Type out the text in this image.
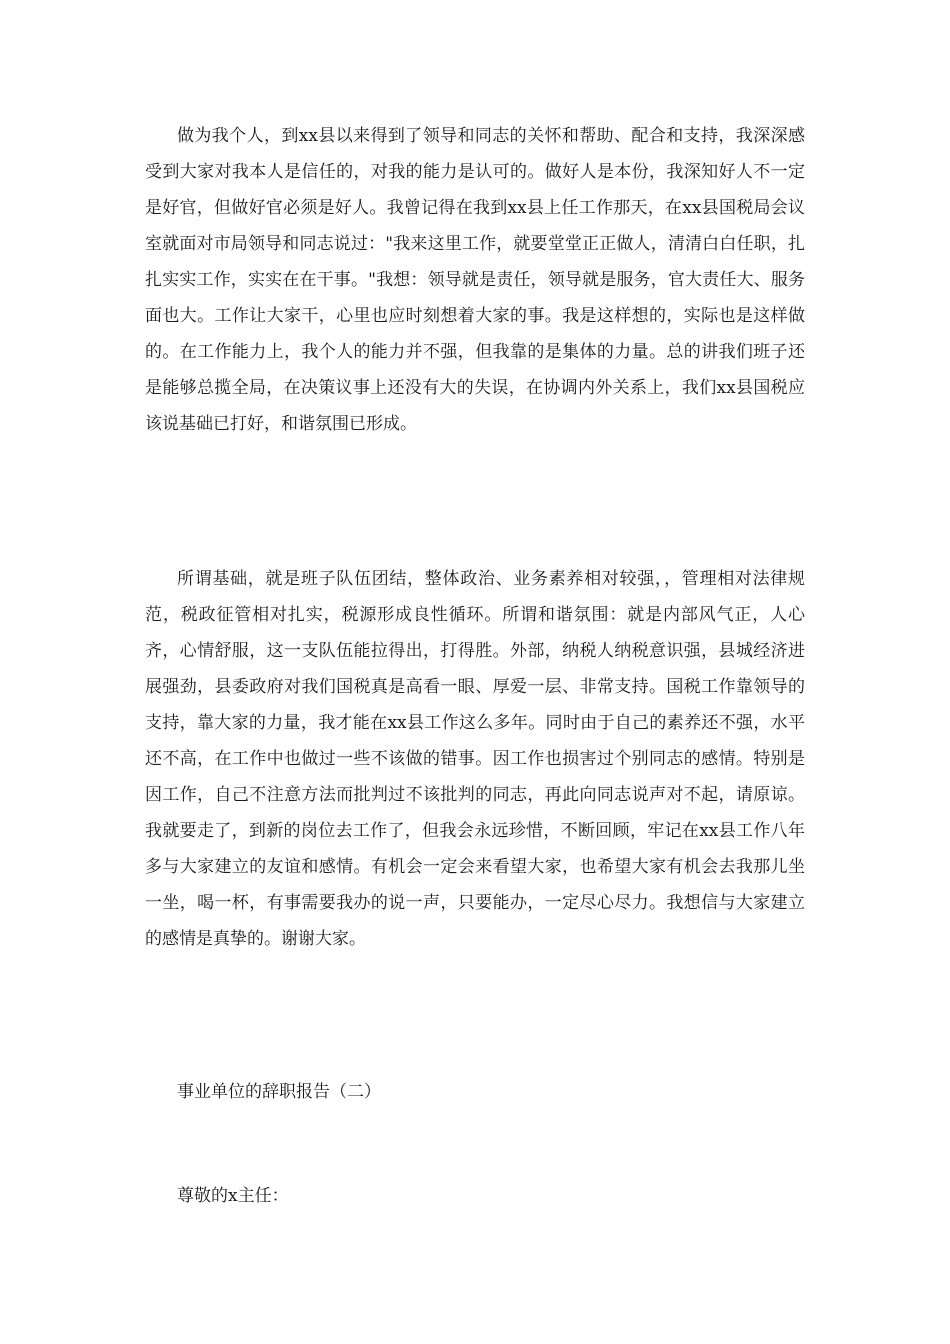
做为我个人，到xx县以来得到了领导和同志的关怀和帮助、配合和支持，我深深感受到大家对我本人是信任的，对我的能力是认可的。做好人是本份，我深知好人不一定是好官，但做好官必须是好人。我曾记得在我到xx县上任工作那天，在xx县国税局会议室就面对市局领导和同志说过："我来这里工作，就要堂堂正正做人，清清白白任职，扎扎实实工作，实实在在干事。"我想：领导就是责任，领导就是服务，官大责任大、服务面也大。工作让大家干，心里也应时刻想着大家的事。我是这样想的，实际也是这样做的。在工作能力上，我个人的能力并不强，但我靠的是集体的力量。总的讲我们班子还是能够总揽全局，在决策议事上还没有大的失误，在协调内外关系上，我们xx县国税应该说基础已打好，和谐氛围已形成。

所谓基础，就是班子队伍团结，整体政治、业务素养相对较强，，管理相对法律规范，税政征管相对扎实，税源形成良性循环。所谓和谐氛围：就是内部风气正，人心齐，心情舒服，这一支队伍能拉得出，打得胜。外部，纳税人纳税意识强，县城经济进展强劲，县委政府对我们国税真是高看一眼、厚爱一层、非常支持。国税工作靠领导的支持，靠大家的力量，我才能在xx县工作这么多年。同时由于自己的素养还不强，水平还不高，在工作中也做过一些不该做的错事。因工作也损害过个别同志的感情。特别是因工作，自己不注意方法而批判过不该批判的同志，再此向同志说声对不起，请原谅。我就要走了，到新的岗位去工作了，但我会永远珍惜，不断回顾，牢记在xx县工作八年多与大家建立的友谊和感情。有机会一定会来看望大家，也希望大家有机会去我那儿坐一坐，喝一杯，有事需要我办的说一声，只要能办，一定尽心尽力。我想信与大家建立的感情是真挚的。谢谢大家。

事业单位的辞职报告（二）

尊敬的x主任：
